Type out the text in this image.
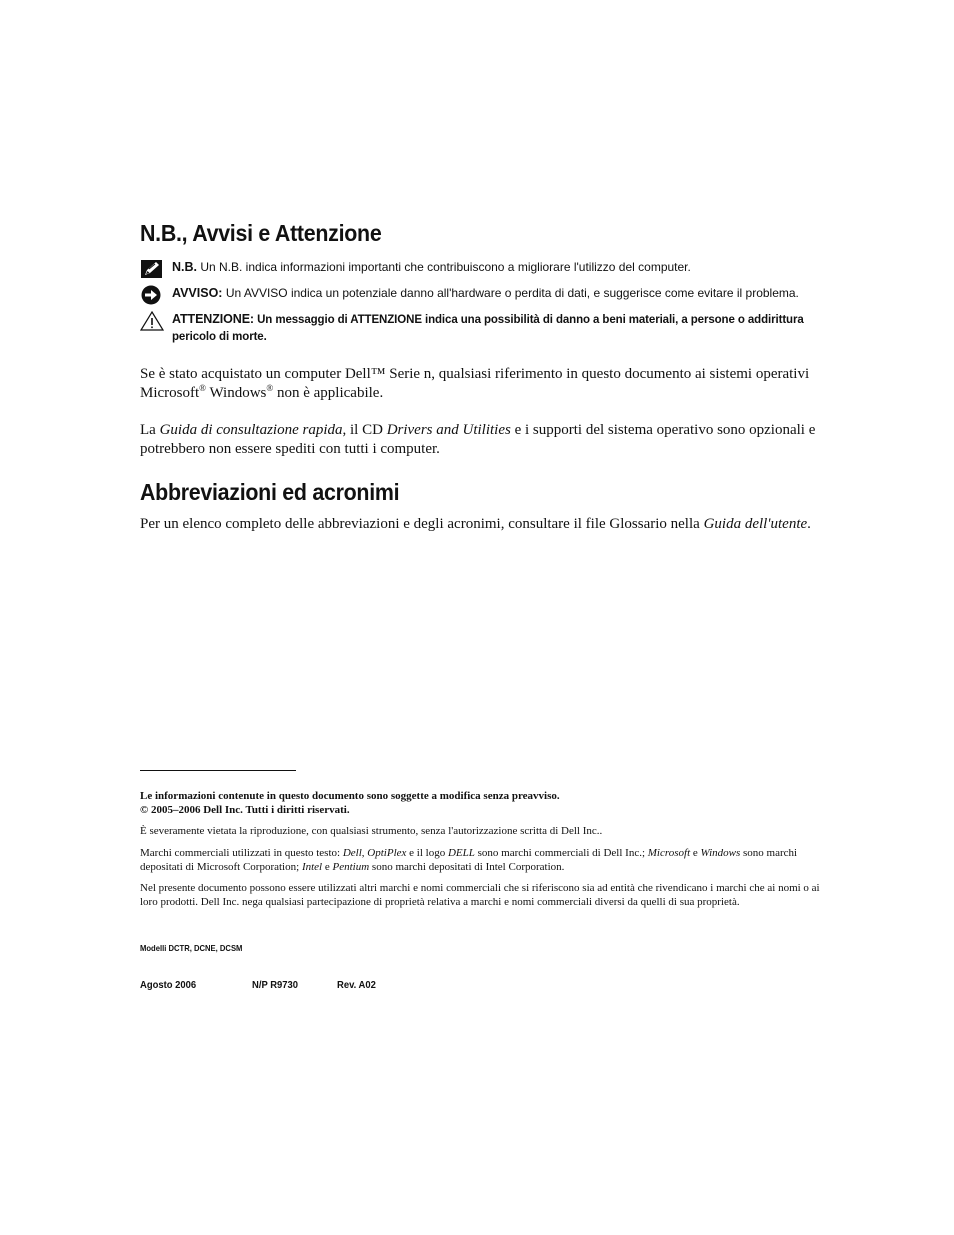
N.B., Avvisi e Attenzione
N.B. Un N.B. indica informazioni importanti che contribuiscono a migliorare l'utilizzo del computer.
AVVISO: Un AVVISO indica un potenziale danno all'hardware o perdita di dati, e suggerisce come evitare il problema.
ATTENZIONE: Un messaggio di ATTENZIONE indica una possibilità di danno a beni materiali, a persone o addirittura pericolo di morte.

Se è stato acquistato un computer Dell™ Serie n, qualsiasi riferimento in questo documento ai sistemi operativi Microsoft® Windows® non è applicabile.

La Guida di consultazione rapida, il CD Drivers and Utilities e i supporti del sistema operativo sono opzionali e potrebbero non essere spediti con tutti i computer.

Abbreviazioni ed acronimi

Per un elenco completo delle abbreviazioni e degli acronimi, consultare il file Glossario nella Guida dell'utente.

Le informazioni contenute in questo documento sono soggette a modifica senza preavviso.
© 2005–2006 Dell Inc. Tutti i diritti riservati.

È severamente vietata la riproduzione, con qualsiasi strumento, senza l'autorizzazione scritta di Dell Inc..

Marchi commerciali utilizzati in questo testo: Dell, OptiPlex e il logo DELL sono marchi commerciali di Dell Inc.; Microsoft e Windows sono marchi depositati di Microsoft Corporation; Intel e Pentium sono marchi depositati di Intel Corporation.

Nel presente documento possono essere utilizzati altri marchi e nomi commerciali che si riferiscono sia ad entità che rivendicano i marchi che ai nomi o ai loro prodotti. Dell Inc. nega qualsiasi partecipazione di proprietà relativa a marchi e nomi commerciali diversi da quelli di sua proprietà.

Modelli DCTR, DCNE, DCSM
Agosto 2006	N/P R9730	Rev. A02
